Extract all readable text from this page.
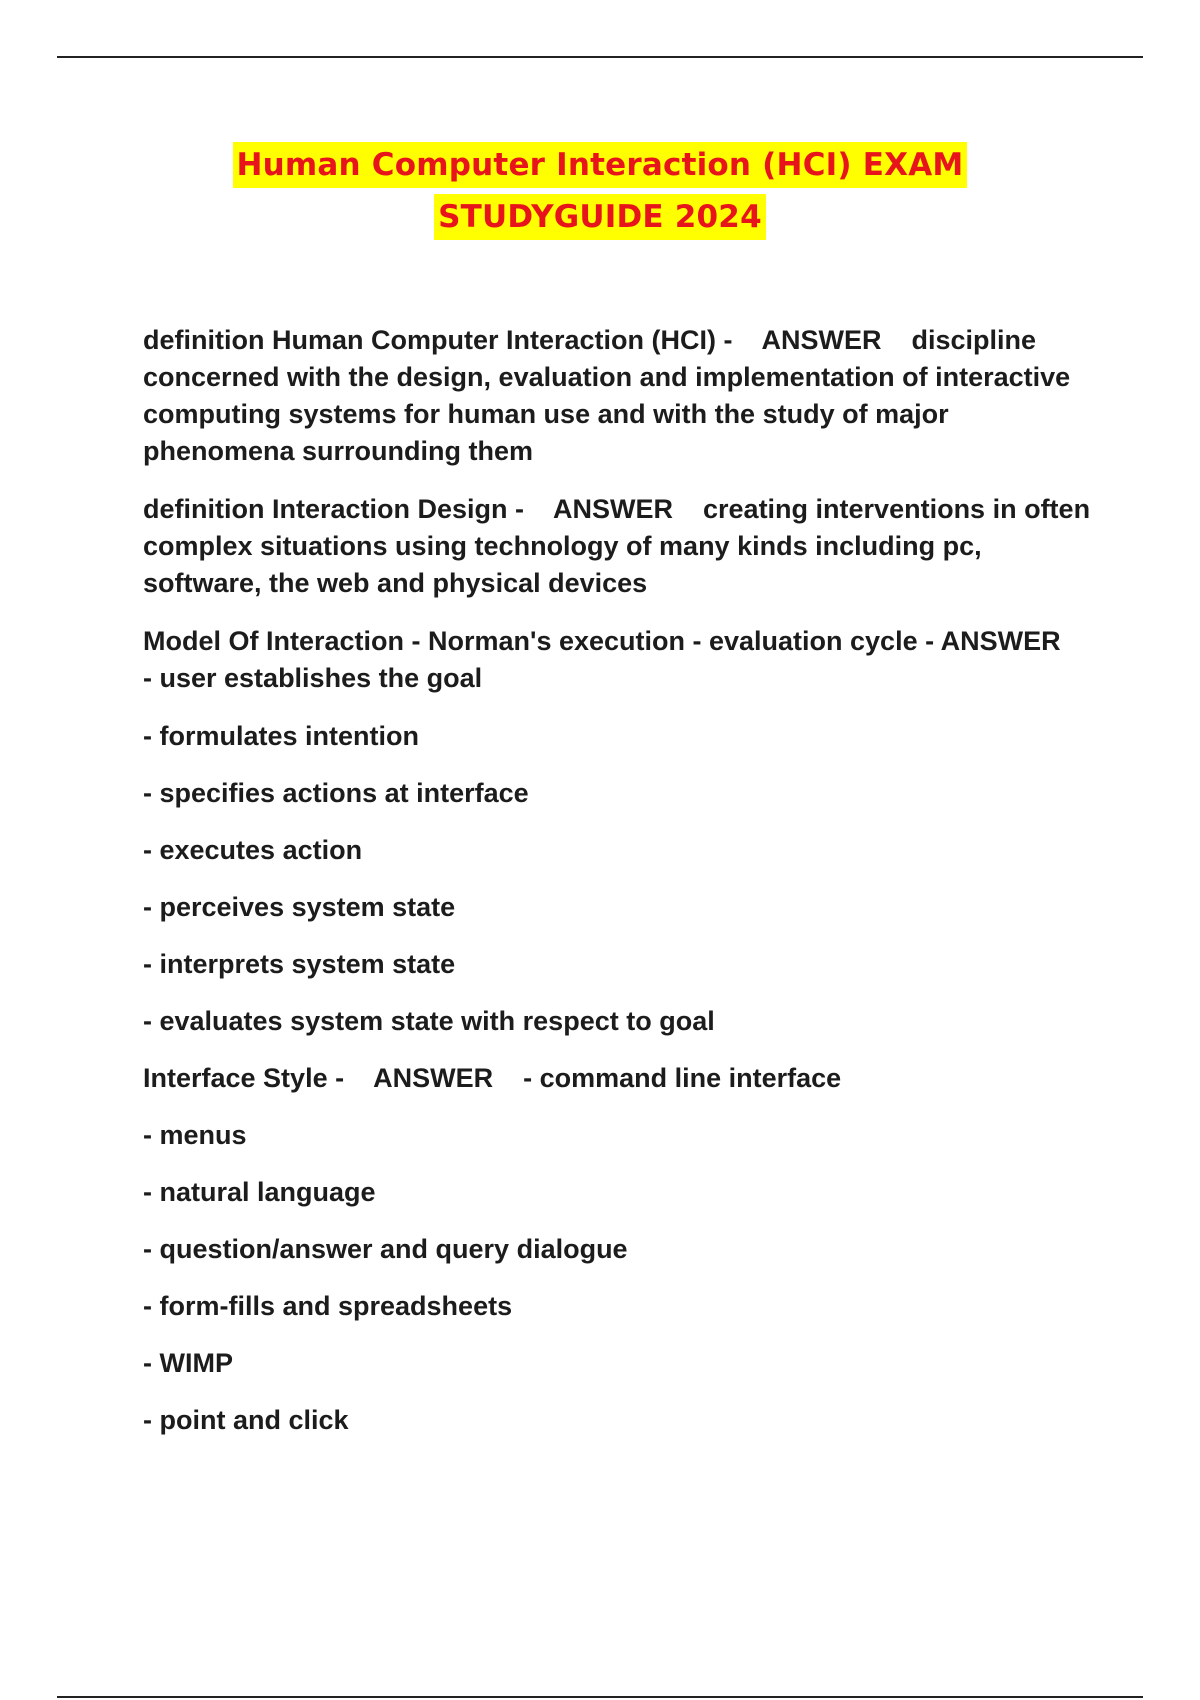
Human Computer Interaction (HCI) EXAM
STUDYGUIDE 2024

definition Human Computer Interaction (HCI) -    ANSWER    discipline concerned with the design, evaluation and implementation of interactive computing systems for human use and with the study of major phenomena surrounding them

definition Interaction Design -    ANSWER    creating interventions in often complex situations using technology of many kinds including pc, software, the web and physical devices

Model Of Interaction - Norman's execution - evaluation cycle - ANSWER    - user establishes the goal

- formulates intention

- specifies actions at interface

- executes action

- perceives system state

- interprets system state

- evaluates system state with respect to goal

Interface Style -    ANSWER    - command line interface

- menus

- natural language

- question/answer and query dialogue

- form-fills and spreadsheets

- WIMP

- point and click
